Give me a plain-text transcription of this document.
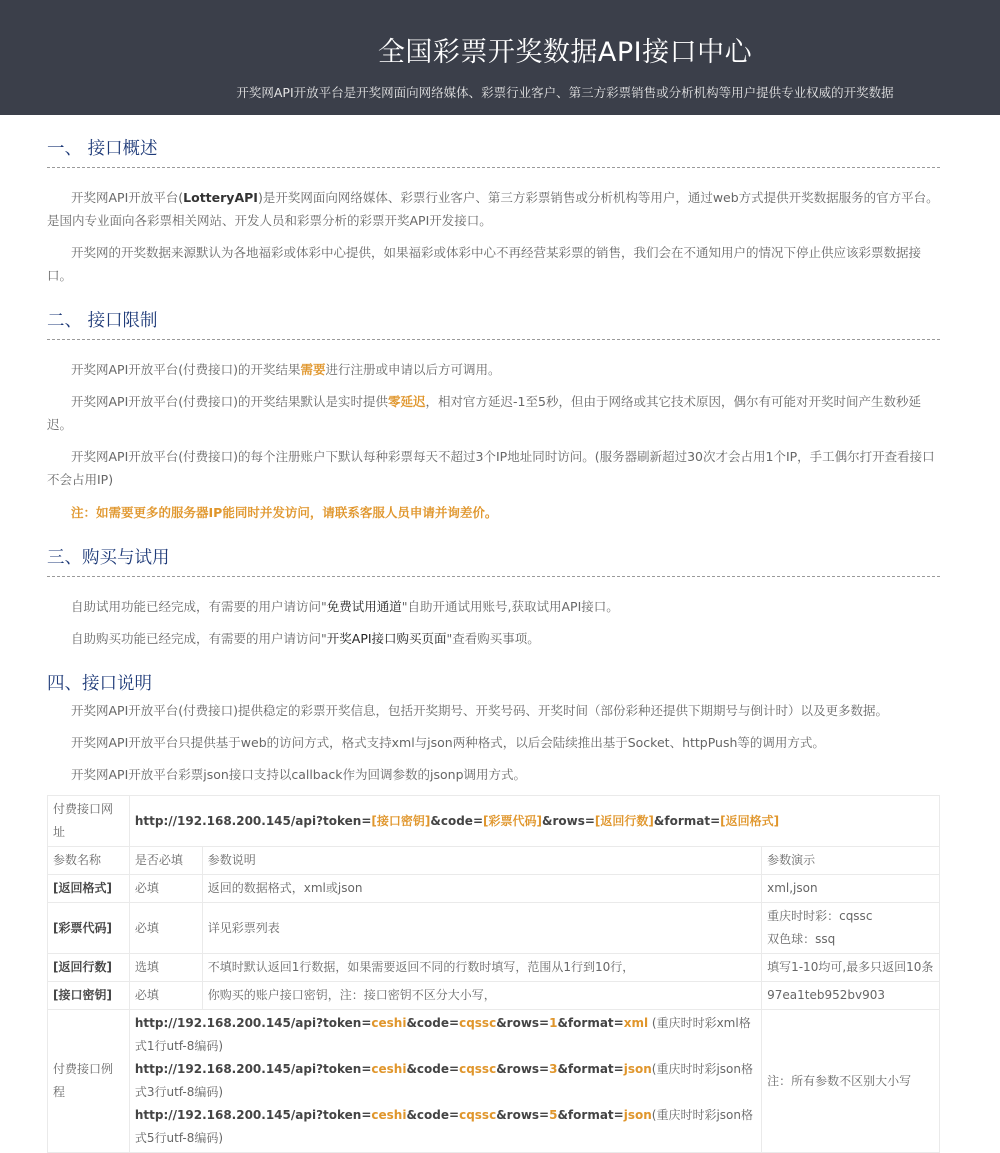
全国彩票开奖数据API接口中心

开奖网API开放平台是开奖网面向网络媒体、彩票行业客户、第三方彩票销售或分析机构等用户提供专业权威的开奖数据

一、 接口概述

开奖网API开放平台(LotteryAPI)是开奖网面向网络媒体、彩票行业客户、第三方彩票销售或分析机构等用户，通过web方式提供开奖数据服务的官方平台。是国内专业面向各彩票相关网站、开发人员和彩票分析的彩票开奖API开发接口。

开奖网的开奖数据来源默认为各地福彩或体彩中心提供，如果福彩或体彩中心不再经营某彩票的销售，我们会在不通知用户的情况下停止供应该彩票数据接口。

二、 接口限制

开奖网API开放平台(付费接口)的开奖结果需要进行注册或申请以后方可调用。

开奖网API开放平台(付费接口)的开奖结果默认是实时提供零延迟，相对官方延迟-1至5秒，但由于网络或其它技术原因，偶尔有可能对开奖时间产生数秒延迟。

开奖网API开放平台(付费接口)的每个注册账户下默认每种彩票每天不超过3个IP地址同时访问。(服务器刷新超过30次才会占用1个IP，手工偶尔打开查看接口不会占用IP)

注：如需要更多的服务器IP能同时并发访问，请联系客服人员申请并询差价。

三、购买与试用

自助试用功能已经完成，有需要的用户请访问"免费试用通道"自助开通试用账号,获取试用API接口。

自助购买功能已经完成，有需要的用户请访问"开奖API接口购买页面"查看购买事项。

四、接口说明

开奖网API开放平台(付费接口)提供稳定的彩票开奖信息，包括开奖期号、开奖号码、开奖时间（部份彩种还提供下期期号与倒计时）以及更多数据。

开奖网API开放平台只提供基于web的访问方式，格式支持xml与json两种格式，以后会陆续推出基于Socket、httpPush等的调用方式。

开奖网API开放平台彩票json接口支持以callback作为回调参数的jsonp调用方式。

付费接口网址	http://192.168.200.145/api?token=[接口密钥]&code=[彩票代码]&rows=[返回行数]&format=[返回格式]		
参数名称	是否必填	参数说明	参数演示
[返回格式]	必填	返回的数据格式，xml或json	xml,json
[彩票代码]	必填	详见彩票列表	重庆时时彩：cqssc
双色球：ssq

[返回行数]	选填	不填时默认返回1行数据，如果需要返回不同的行数时填写，范围从1行到10行，	填写1-10均可,最多只返回10条
[接口密钥]	必填	你购买的账户接口密钥，注：接口密钥不区分大小写，	97ea1teb952bv903
付费接口例程	http://192.168.200.145/api?token=ceshi&code=cqssc&rows=1&format=xml (重庆时时彩xml格式1行utf-8编码)
http://192.168.200.145/api?token=ceshi&code=cqssc&rows=3&format=json(重庆时时彩json格式3行utf-8编码)
http://192.168.200.145/api?token=ceshi&code=cqssc&rows=5&format=json(重庆时时彩json格式5行utf-8编码)		注：所有参数不区别大小写
